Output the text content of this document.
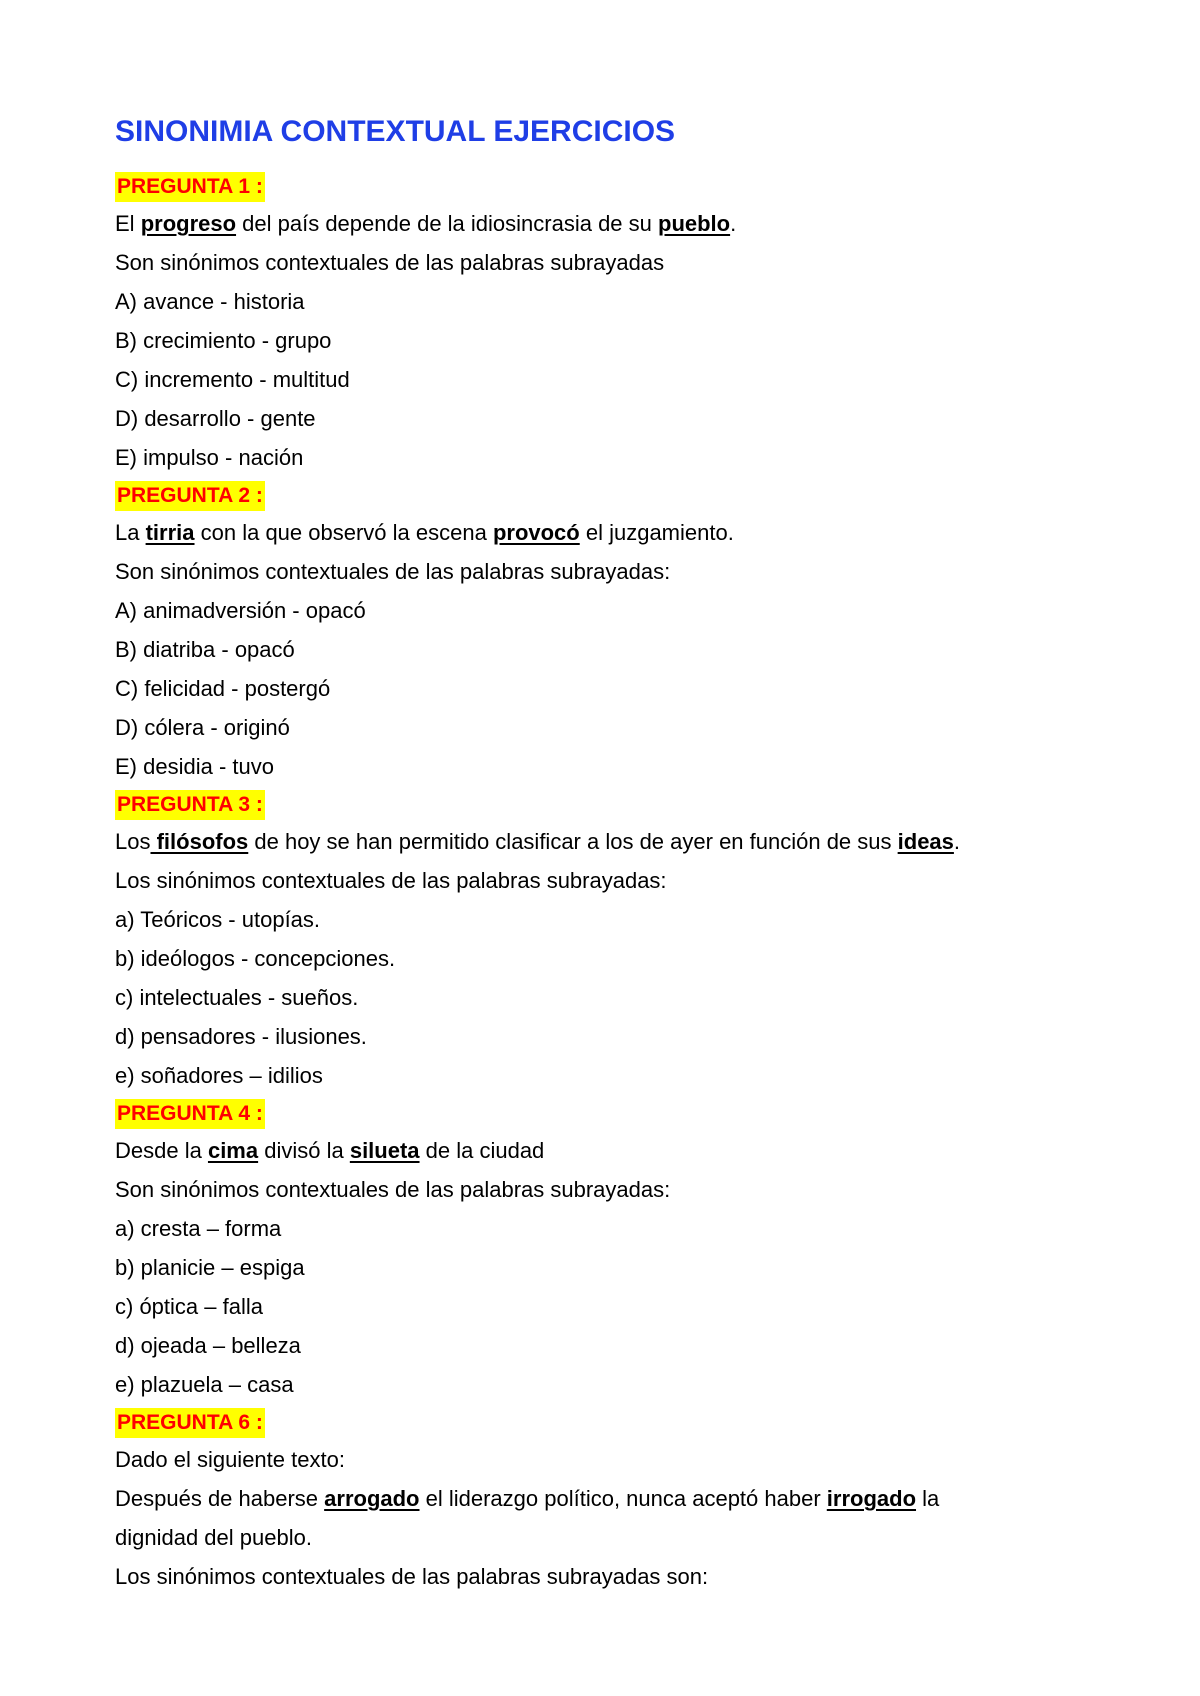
SINONIMIA CONTEXTUAL EJERCICIOS
PREGUNTA 1 :
El progreso del país depende de la idiosincrasia de su pueblo.
Son sinónimos contextuales de las palabras subrayadas
A) avance - historia
B) crecimiento - grupo
C) incremento - multitud
D) desarrollo - gente
E) impulso - nación
PREGUNTA 2 :
La tirria con la que observó la escena provocó el juzgamiento.
Son sinónimos contextuales de las palabras subrayadas:
A) animadversión - opacó
B) diatriba - opacó
C) felicidad - postergó
D) cólera - originó
E) desidia - tuvo
PREGUNTA 3 :
Los filósofos de hoy se han permitido clasificar a los de ayer en función de sus ideas.
Los sinónimos contextuales de las palabras subrayadas:
a) Teóricos - utopías.
b) ideólogos - concepciones.
c) intelectuales - sueños.
d) pensadores - ilusiones.
e) soñadores – idilios
PREGUNTA 4 :
Desde la cima divisó la silueta de la ciudad
Son sinónimos contextuales de las palabras subrayadas:
a) cresta – forma
b) planicie – espiga
c) óptica – falla
d) ojeada – belleza
e) plazuela – casa
PREGUNTA 6 :
Dado el siguiente texto:
Después de haberse arrogado el liderazgo político, nunca aceptó haber irrogado la
dignidad del pueblo.
Los sinónimos contextuales de las palabras subrayadas son:
